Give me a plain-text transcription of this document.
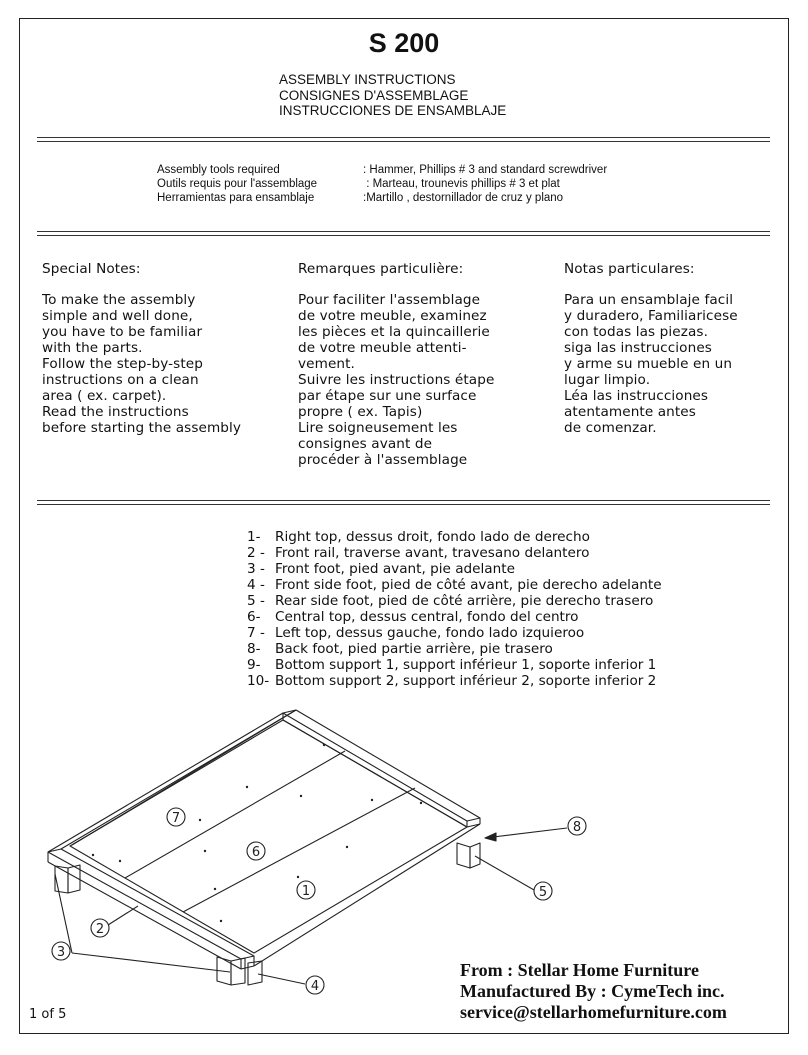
S 200
ASSEMBLY INSTRUCTIONS
CONSIGNES D'ASSEMBLAGE
INSTRUCCIONES DE ENSAMBLAJE
Assembly tools required	: Hammer, Phillips # 3 and standard screwdriver
Outils requis pour l'assemblage	: Marteau, trounevis phillips # 3 et plat
Herramientas para ensamblaje	:Martillo , destornillador de cruz y plano
Special Notes:
To make the assembly
simple and well done,
you have to be familiar
with the parts.
Follow the step-by-step
instructions on a clean
area ( ex. carpet).
Read the instructions
before starting the assembly
Remarques particulière:
Pour faciliter l'assemblage
de votre meuble, examinez
les pièces et la quincaillerie
de votre meuble attenti-
vement.
Suivre les instructions étape
par étape sur une surface
propre ( ex. Tapis)
Lire soigneusement les
consignes avant de
procéder à l'assemblage
Notas particulares:
Para un ensamblaje facil
y duradero, Familiaricese
con todas las piezas.
siga las instrucciones
y arme su mueble en un
lugar limpio.
Léa las instrucciones
atentamente antes
de comenzar.
1- Right top, dessus droit, fondo lado de derecho
2 - Front rail, traverse avant, travesano delantero
3 - Front foot, pied avant, pie adelante
4 - Front side foot, pied de côté avant, pie derecho adelante
5 - Rear side foot, pied de côté arrière, pie derecho trasero
6- Central top, dessus central, fondo del centro
7 - Left top, dessus gauche, fondo lado izquieroo
8- Back foot, pied partie arrière, pie trasero
9- Bottom support 1, support inférieur 1, soporte inferior 1
10- Bottom support 2, support inférieur 2, soporte inferior 2
1
2
3
4
5
6
7
8
From : Stellar Home Furniture
Manufactured By : CymeTech inc.
service@stellarhomefurniture.com
1 of 5
